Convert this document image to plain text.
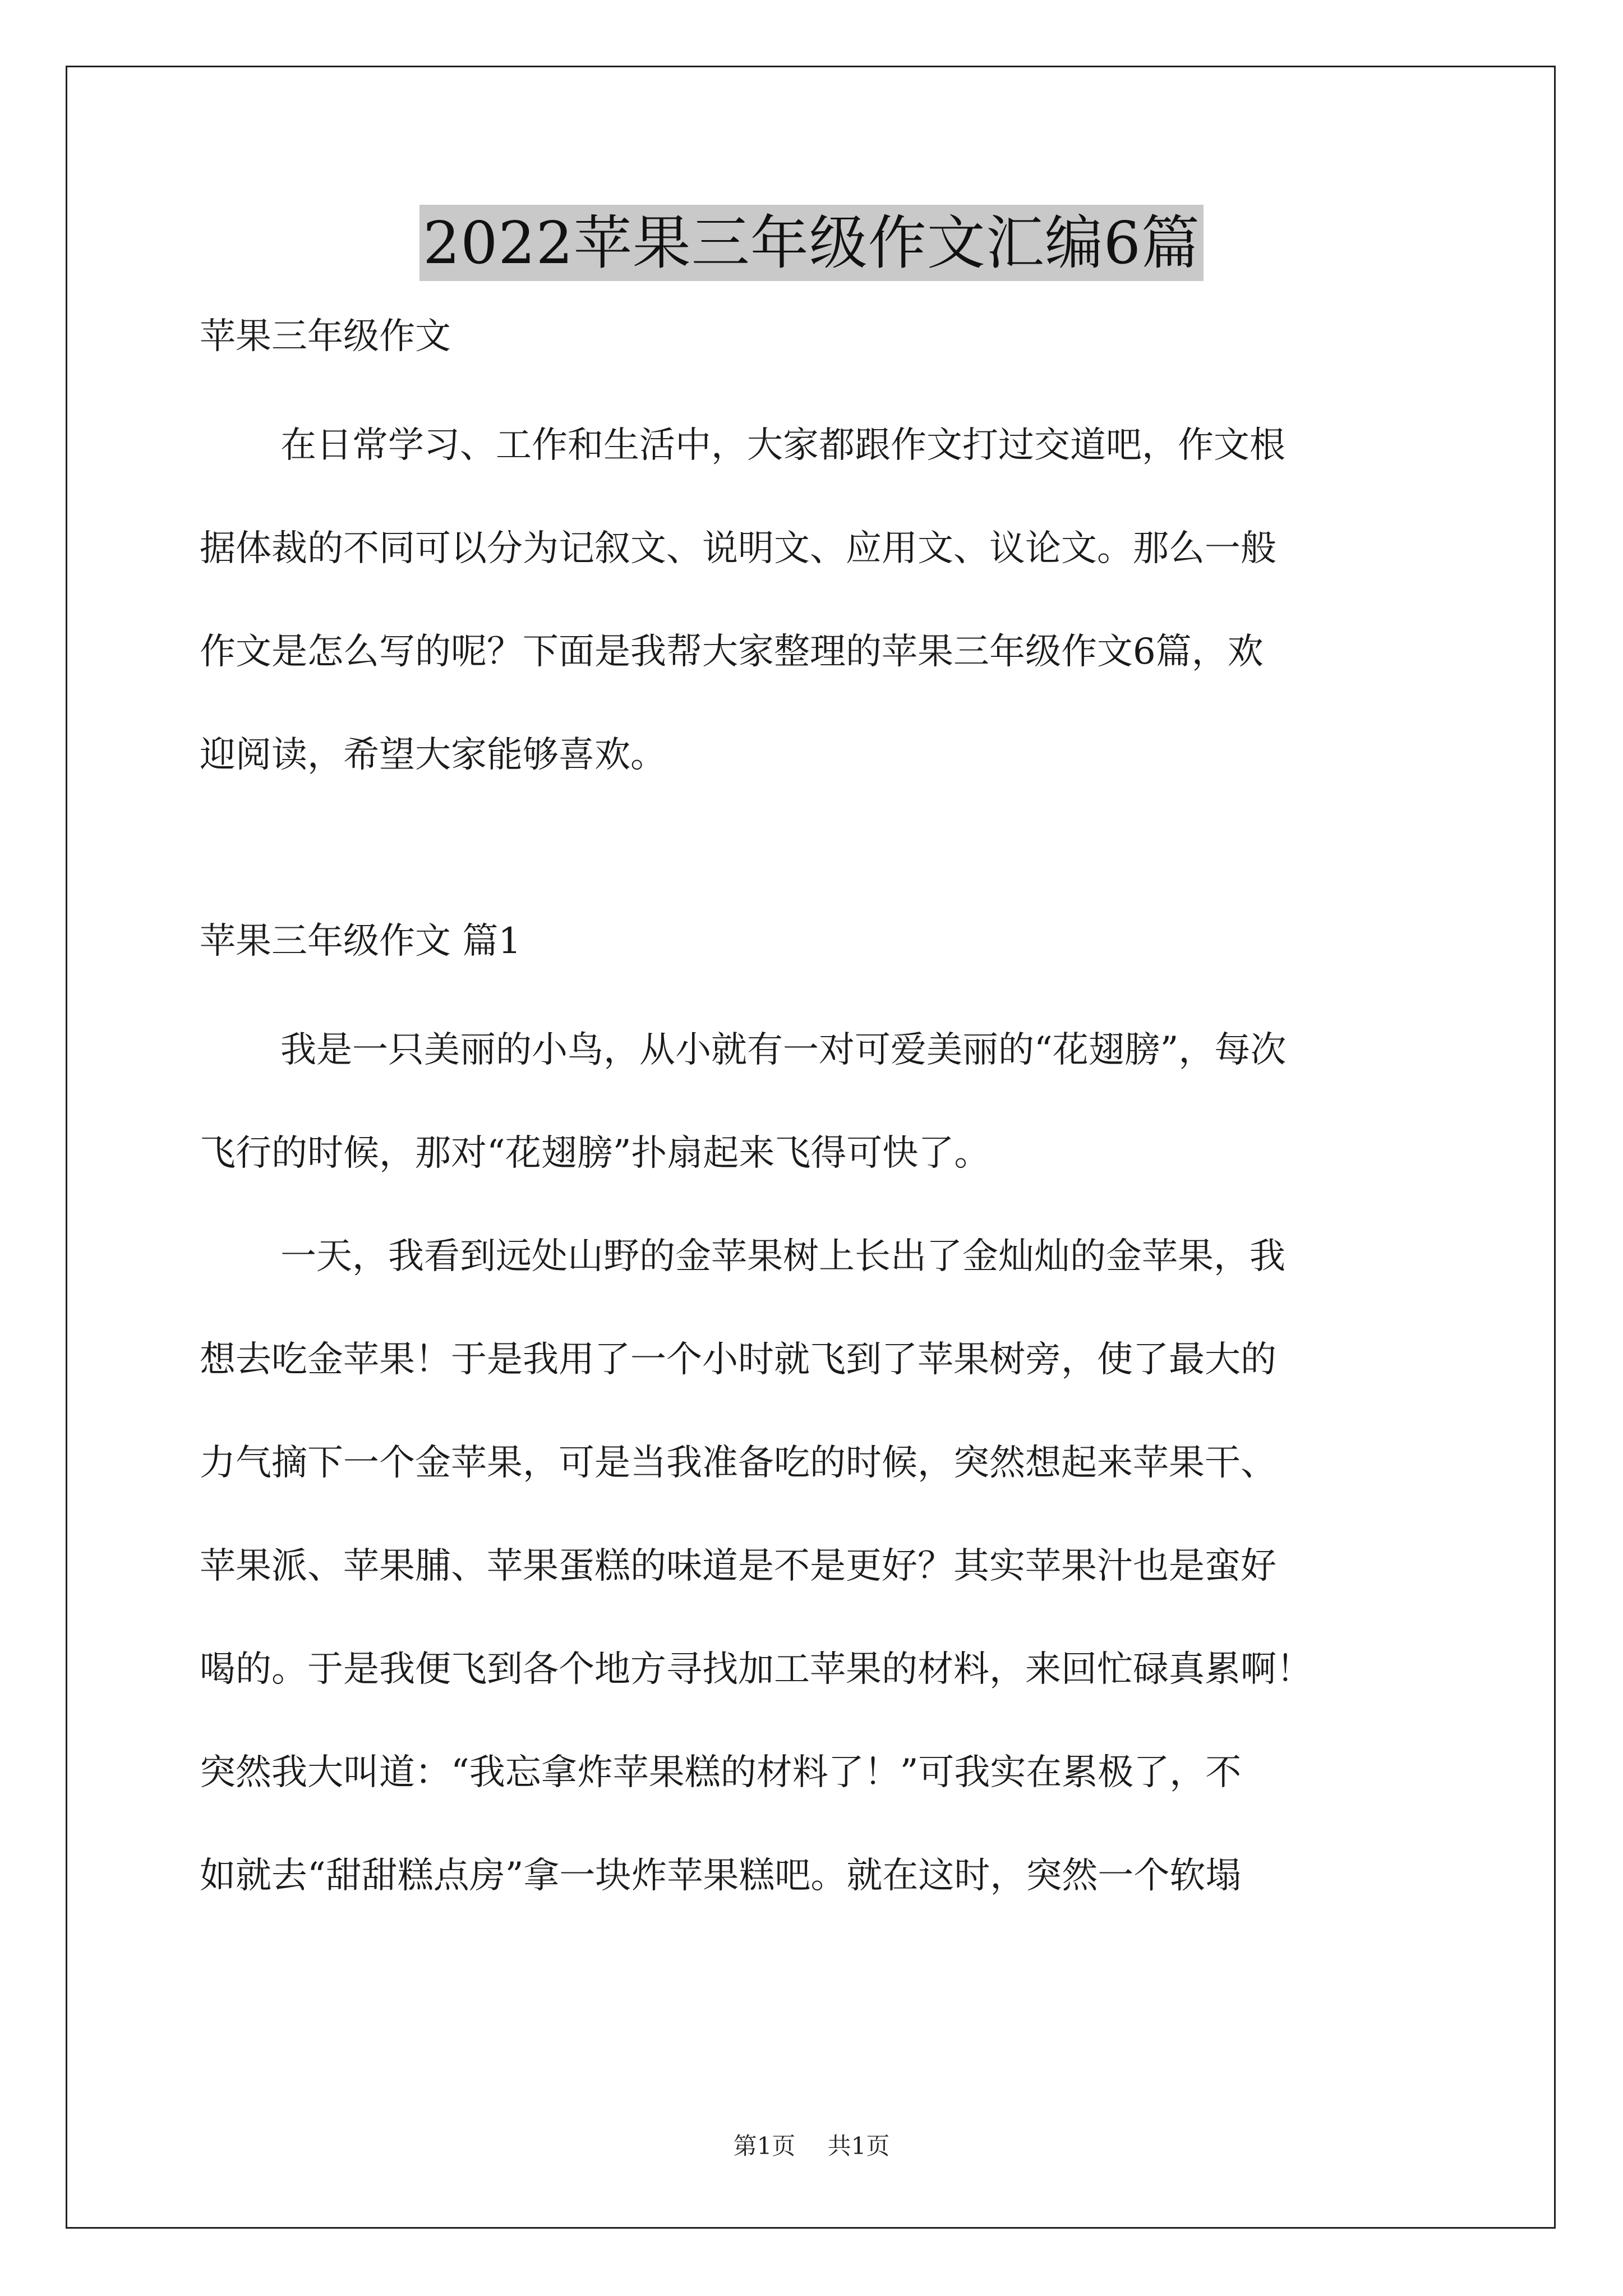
2022苹果三年级作文汇编6篇

苹果三年级作文

在日常学习、工作和生活中，大家都跟作文打过交道吧，作文根
据体裁的不同可以分为记叙文、说明文、应用文、议论文。那么一般
作文是怎么写的呢？下面是我帮大家整理的苹果三年级作文6篇，欢
迎阅读，希望大家能够喜欢。

苹果三年级作文 篇1

我是一只美丽的小鸟，从小就有一对可爱美丽的“花翅膀”，每次
飞行的时候，那对“花翅膀”扑扇起来飞得可快了。

一天，我看到远处山野的金苹果树上长出了金灿灿的金苹果，我
想去吃金苹果！于是我用了一个小时就飞到了苹果树旁，使了最大的
力气摘下一个金苹果，可是当我准备吃的时候，突然想起来苹果干、
苹果派、苹果脯、苹果蛋糕的味道是不是更好？其实苹果汁也是蛮好
喝的。于是我便飞到各个地方寻找加工苹果的材料，来回忙碌真累啊！
突然我大叫道：“我忘拿炸苹果糕的材料了！”可我实在累极了，不
如就去“甜甜糕点房”拿一块炸苹果糕吧。就在这时，突然一个软塌

第1页 共1页
